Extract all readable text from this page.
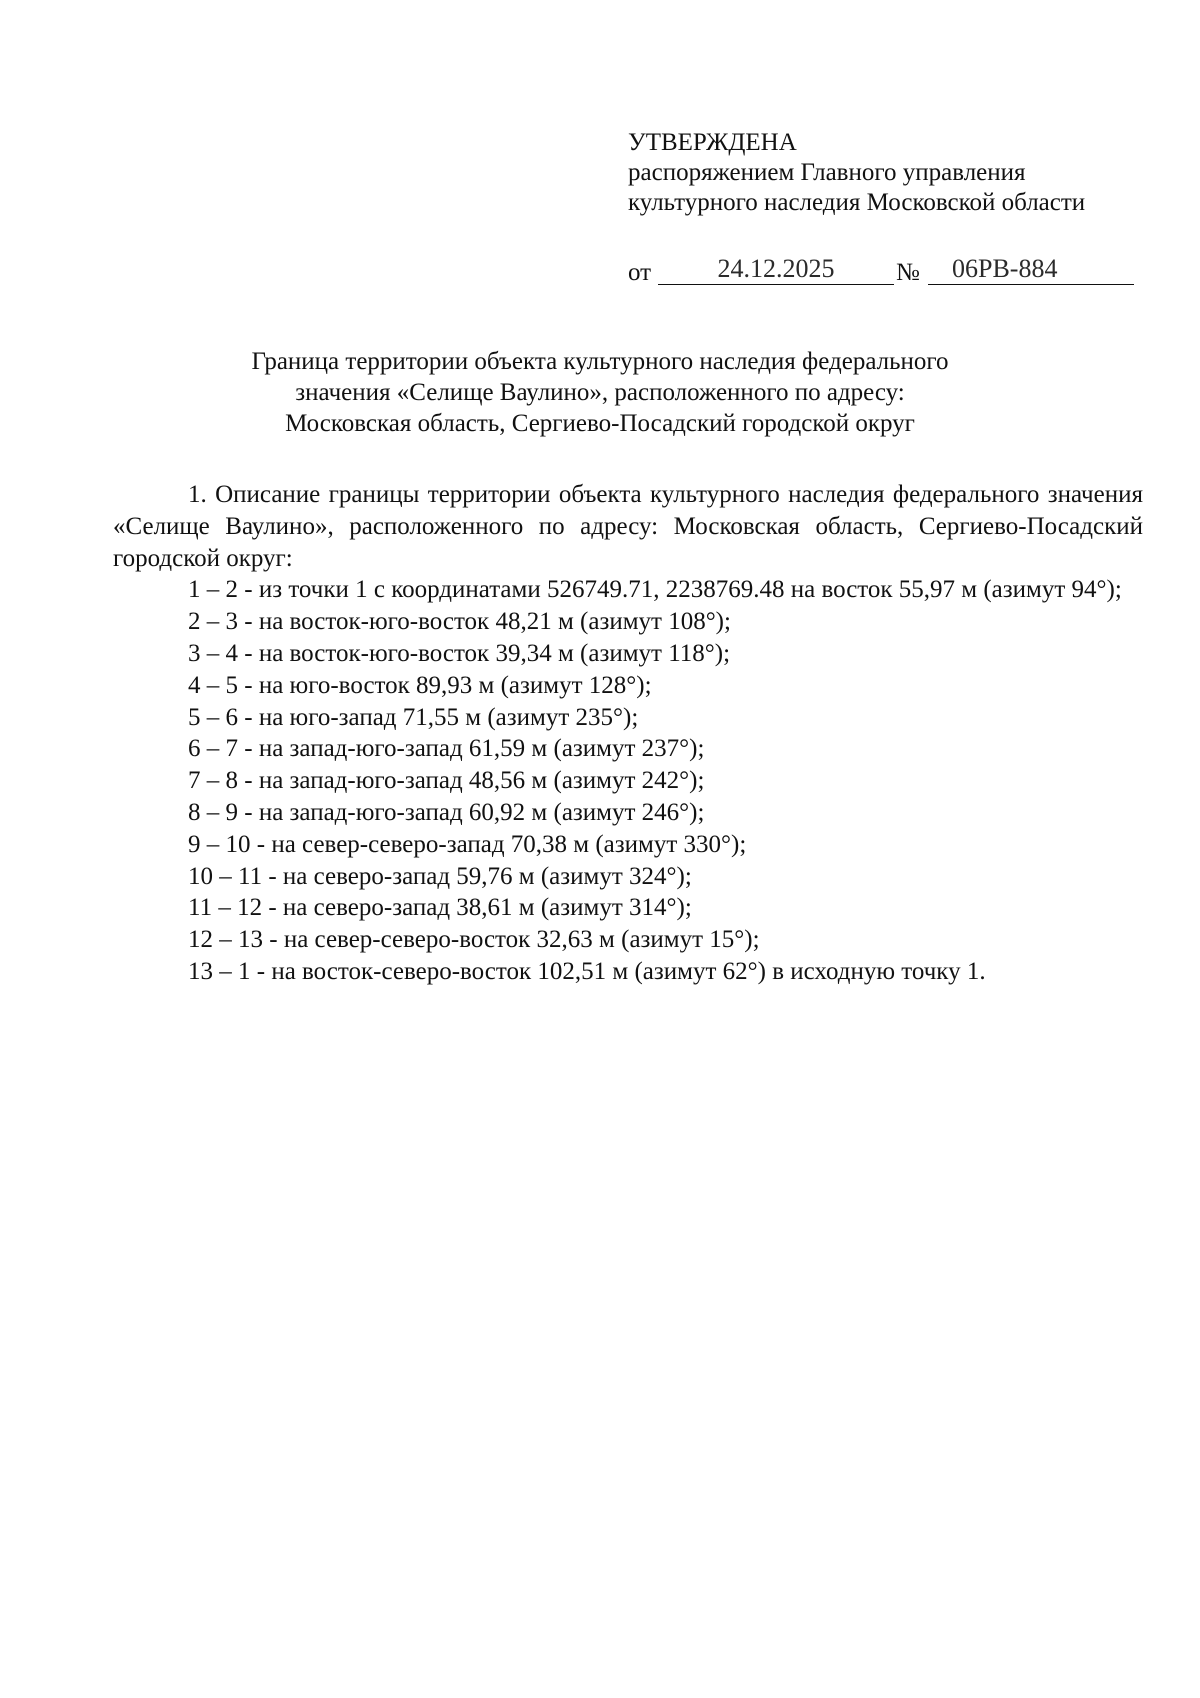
УТВЕРЖДЕНА
распоряжением Главного управления
культурного наследия Московской области
от	24.12.2025	№	06РВ-884
Граница территории объекта культурного наследия федерального
значения «Селище Ваулино», расположенного по адресу:
Московская область, Сергиево-Посадский городской округ

1. Описание границы территории объекта культурного наследия федерального значения «Селище Ваулино», расположенного по адресу: Московская область, Сергиево-Посадский городской округ:

1 – 2 - из точки 1 с координатами 526749.71, 2238769.48 на восток 55,97 м (азимут 94°);

2 – 3 - на восток-юго-восток 48,21 м (азимут 108°);
3 – 4 - на восток-юго-восток 39,34 м (азимут 118°);
4 – 5 - на юго-восток 89,93 м (азимут 128°);
5 – 6 - на юго-запад 71,55 м (азимут 235°);
6 – 7 - на запад-юго-запад 61,59 м (азимут 237°);
7 – 8 - на запад-юго-запад 48,56 м (азимут 242°);
8 – 9 - на запад-юго-запад 60,92 м (азимут 246°);
9 – 10 - на север-северо-запад 70,38 м (азимут 330°);
10 – 11 - на северо-запад 59,76 м (азимут 324°);
11 – 12 - на северо-запад 38,61 м (азимут 314°);
12 – 13 - на север-северо-восток 32,63 м (азимут 15°);
13 – 1 - на восток-северо-восток 102,51 м (азимут 62°) в исходную точку 1.
